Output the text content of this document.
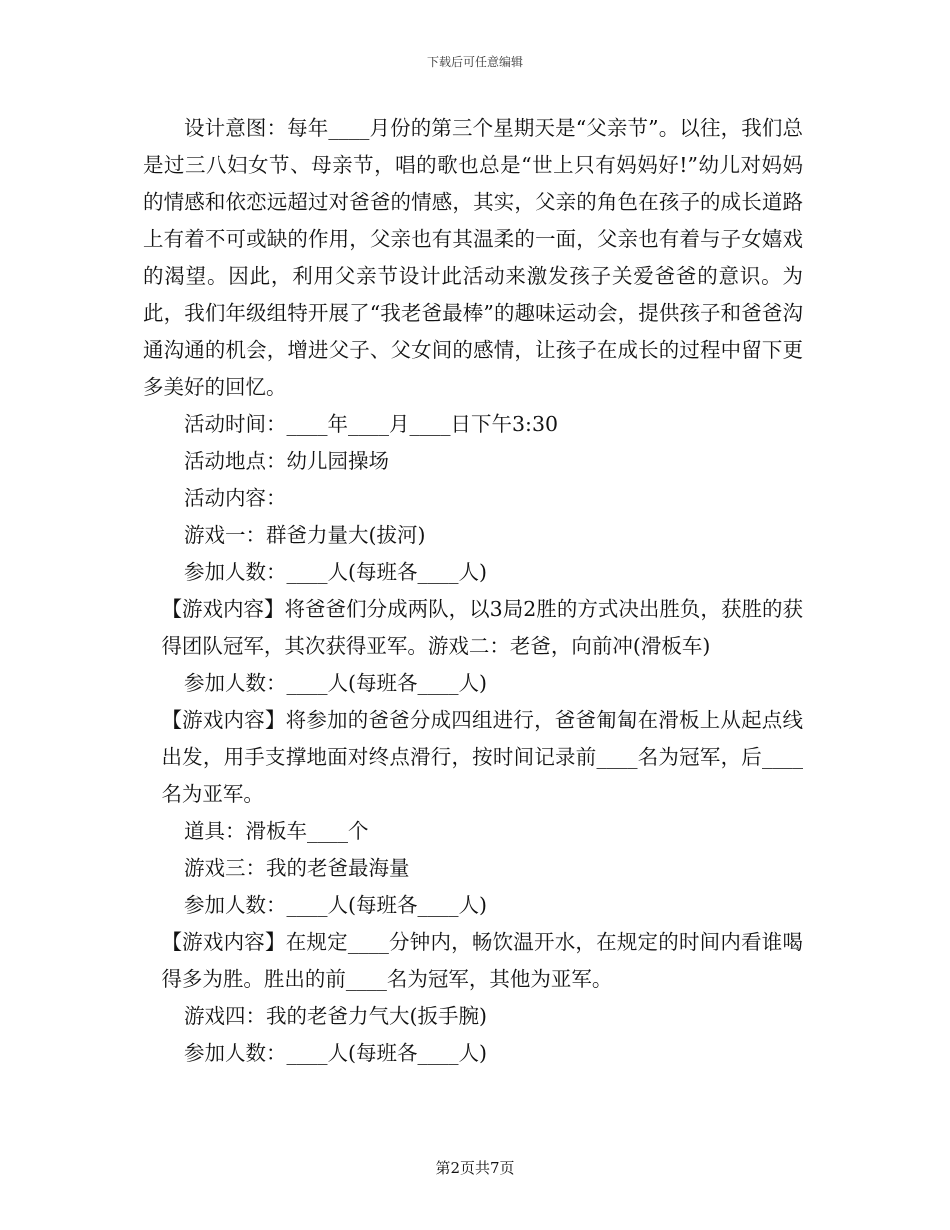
下载后可任意编辑

设计意图：每年____月份的第三个星期天是“父亲节”。以往，我们总是过三八妇女节、母亲节，唱的歌也总是“世上只有妈妈好!”幼儿对妈妈的情感和依恋远超过对爸爸的情感，其实，父亲的角色在孩子的成长道路上有着不可或缺的作用，父亲也有其温柔的一面，父亲也有着与子女嬉戏的渴望。因此，利用父亲节设计此活动来激发孩子关爱爸爸的意识。为此，我们年级组特开展了“我老爸最棒”的趣味运动会，提供孩子和爸爸沟通沟通的机会，增进父子、父女间的感情，让孩子在成长的过程中留下更多美好的回忆。

活动时间：____年____月____日下午3:30

活动地点：幼儿园操场

活动内容：

游戏一：群爸力量大(拔河)

参加人数：____人(每班各____人)

【游戏内容】将爸爸们分成两队，以3局2胜的方式决出胜负，获胜的获得团队冠军，其次获得亚军。游戏二：老爸，向前冲(滑板车)

参加人数：____人(每班各____人)

【游戏内容】将参加的爸爸分成四组进行，爸爸匍匐在滑板上从起点线出发，用手支撑地面对终点滑行，按时间记录前____名为冠军，后____名为亚军。

道具：滑板车____个

游戏三：我的老爸最海量

参加人数：____人(每班各____人)

【游戏内容】在规定____分钟内，畅饮温开水，在规定的时间内看谁喝得多为胜。胜出的前____名为冠军，其他为亚军。

游戏四：我的老爸力气大(扳手腕)

参加人数：____人(每班各____人)

第2页共7页
